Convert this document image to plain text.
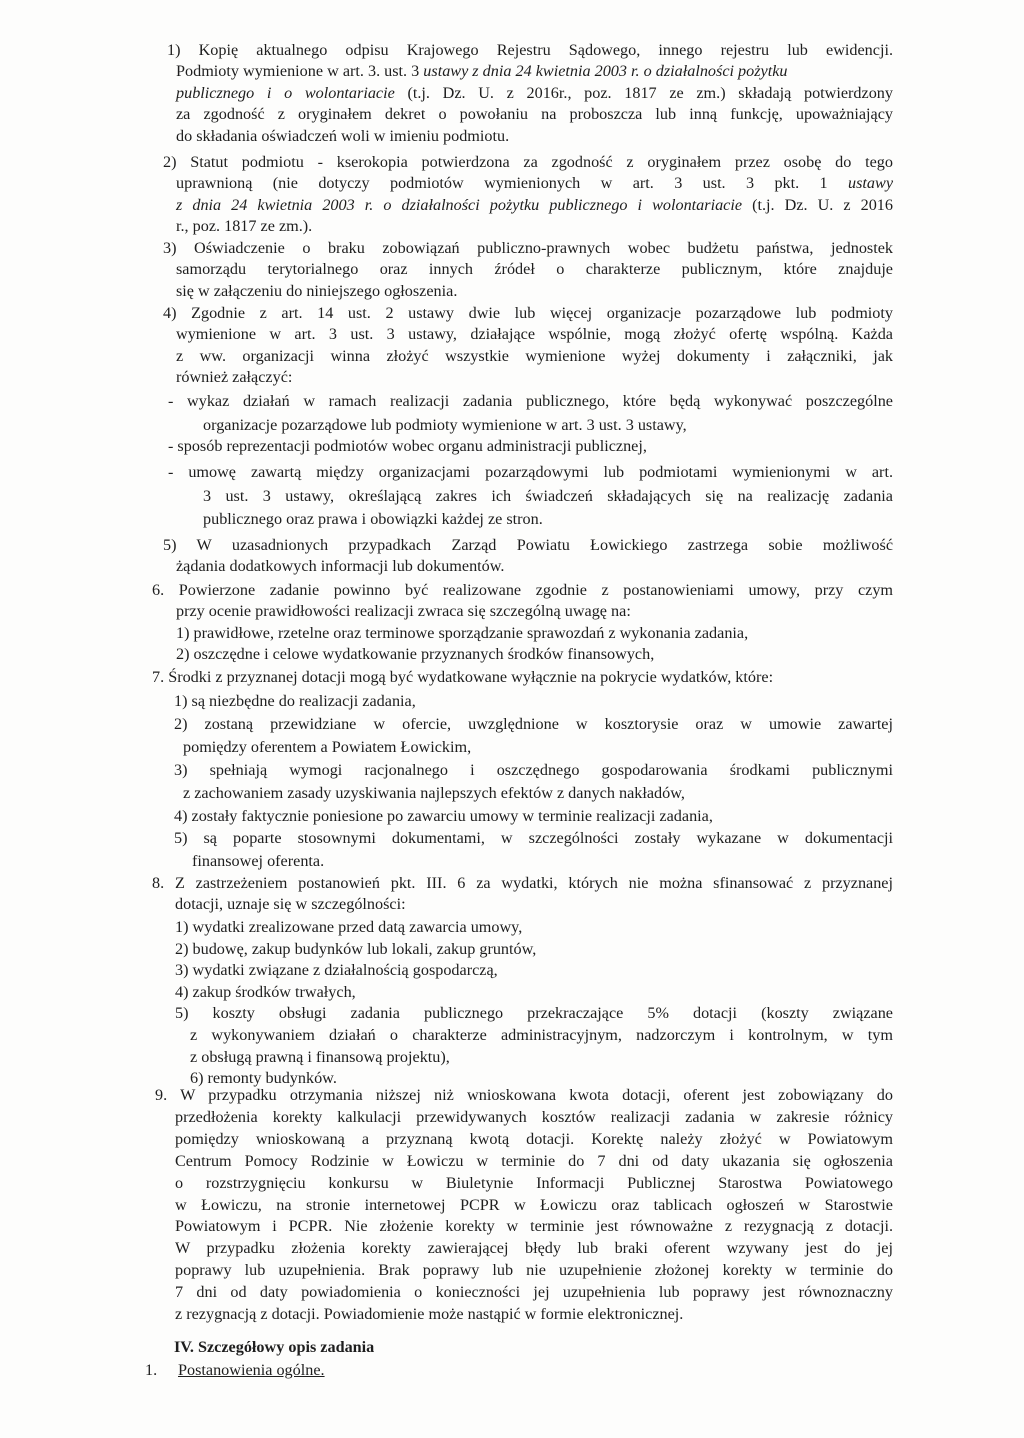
1) Kopię aktualnego odpisu Krajowego Rejestru Sądowego, innego rejestru lub ewidencji.
Podmioty wymienione w art. 3. ust. 3 ustawy z dnia 24 kwietnia 2003 r. o działalności pożytku
publicznego i o wolontariacie (t.j. Dz. U. z 2016r., poz. 1817 ze zm.) składają potwierdzony
za zgodność z oryginałem dekret o powołaniu na proboszcza lub inną funkcję, upoważniający
do składania oświadczeń woli w imieniu podmiotu.
2) Statut podmiotu - kserokopia potwierdzona za zgodność z oryginałem przez osobę do tego
uprawnioną (nie dotyczy podmiotów wymienionych w art. 3 ust. 3 pkt. 1 ustawy
z dnia 24 kwietnia 2003 r. o działalności pożytku publicznego i wolontariacie (t.j. Dz. U. z 2016
r., poz. 1817 ze zm.).
3) Oświadczenie o braku zobowiązań publiczno-prawnych wobec budżetu państwa, jednostek
samorządu terytorialnego oraz innych źródeł o charakterze publicznym, które znajduje
się w załączeniu do niniejszego ogłoszenia.
4) Zgodnie z art. 14 ust. 2 ustawy dwie lub więcej organizacje pozarządowe lub podmioty
wymienione w art. 3 ust. 3 ustawy, działające wspólnie, mogą złożyć ofertę wspólną. Każda
z ww. organizacji winna złożyć wszystkie wymienione wyżej dokumenty i załączniki, jak
również załączyć:
- wykaz działań w ramach realizacji zadania publicznego, które będą wykonywać poszczególne
organizacje pozarządowe lub podmioty wymienione w art. 3 ust. 3 ustawy,
- sposób reprezentacji podmiotów wobec organu administracji publicznej,
- umowę zawartą między organizacjami pozarządowymi lub podmiotami wymienionymi w art.
3 ust. 3 ustawy, określającą zakres ich świadczeń składających się na realizację zadania
publicznego oraz prawa i obowiązki każdej ze stron.
5) W uzasadnionych przypadkach Zarząd Powiatu Łowickiego zastrzega sobie możliwość
żądania dodatkowych informacji lub dokumentów.
6. Powierzone zadanie powinno być realizowane zgodnie z postanowieniami umowy, przy czym
przy ocenie prawidłowości realizacji zwraca się szczególną uwagę na:
1) prawidłowe, rzetelne oraz terminowe sporządzanie sprawozdań z wykonania zadania,
2) oszczędne i celowe wydatkowanie przyznanych środków finansowych,
7. Środki z przyznanej dotacji mogą być wydatkowane wyłącznie na pokrycie wydatków, które:
1) są niezbędne do realizacji zadania,
2) zostaną przewidziane w ofercie, uwzględnione w kosztorysie oraz w umowie zawartej
pomiędzy oferentem a Powiatem Łowickim,
3) spełniają wymogi racjonalnego i oszczędnego gospodarowania środkami publicznymi
z zachowaniem zasady uzyskiwania najlepszych efektów z danych nakładów,
4) zostały faktycznie poniesione po zawarciu umowy w terminie realizacji zadania,
5) są poparte stosownymi dokumentami, w szczególności zostały wykazane w dokumentacji
finansowej oferenta.
8. Z zastrzeżeniem postanowień pkt. III. 6 za wydatki, których nie można sfinansować z przyznanej
dotacji, uznaje się w szczególności:
1) wydatki zrealizowane przed datą zawarcia umowy,
2) budowę, zakup budynków lub lokali, zakup gruntów,
3) wydatki związane z działalnością gospodarczą,
4) zakup środków trwałych,
5) koszty obsługi zadania publicznego przekraczające 5% dotacji (koszty związane
z wykonywaniem działań o charakterze administracyjnym, nadzorczym i kontrolnym, w tym
z obsługą prawną i finansową projektu),
6) remonty budynków.
9. W przypadku otrzymania niższej niż wnioskowana kwota dotacji, oferent jest zobowiązany do
przedłożenia korekty kalkulacji przewidywanych kosztów realizacji zadania w zakresie różnicy
pomiędzy wnioskowaną a przyznaną kwotą dotacji. Korektę należy złożyć w Powiatowym
Centrum Pomocy Rodzinie w Łowiczu w terminie do 7 dni od daty ukazania się ogłoszenia
o rozstrzygnięciu konkursu w Biuletynie Informacji Publicznej Starostwa Powiatowego
w Łowiczu, na stronie internetowej PCPR w Łowiczu oraz tablicach ogłoszeń w Starostwie
Powiatowym i PCPR. Nie złożenie korekty w terminie jest równoważne z rezygnacją z dotacji.
W przypadku złożenia korekty zawierającej błędy lub braki oferent wzywany jest do jej
poprawy lub uzupełnienia. Brak poprawy lub nie uzupełnienie złożonej korekty w terminie do
7 dni od daty powiadomienia o konieczności jej uzupełnienia lub poprawy jest równoznaczny
z rezygnacją z dotacji. Powiadomienie może nastąpić w formie elektronicznej.
IV. Szczegółowy opis zadania
1. Postanowienia ogólne.
